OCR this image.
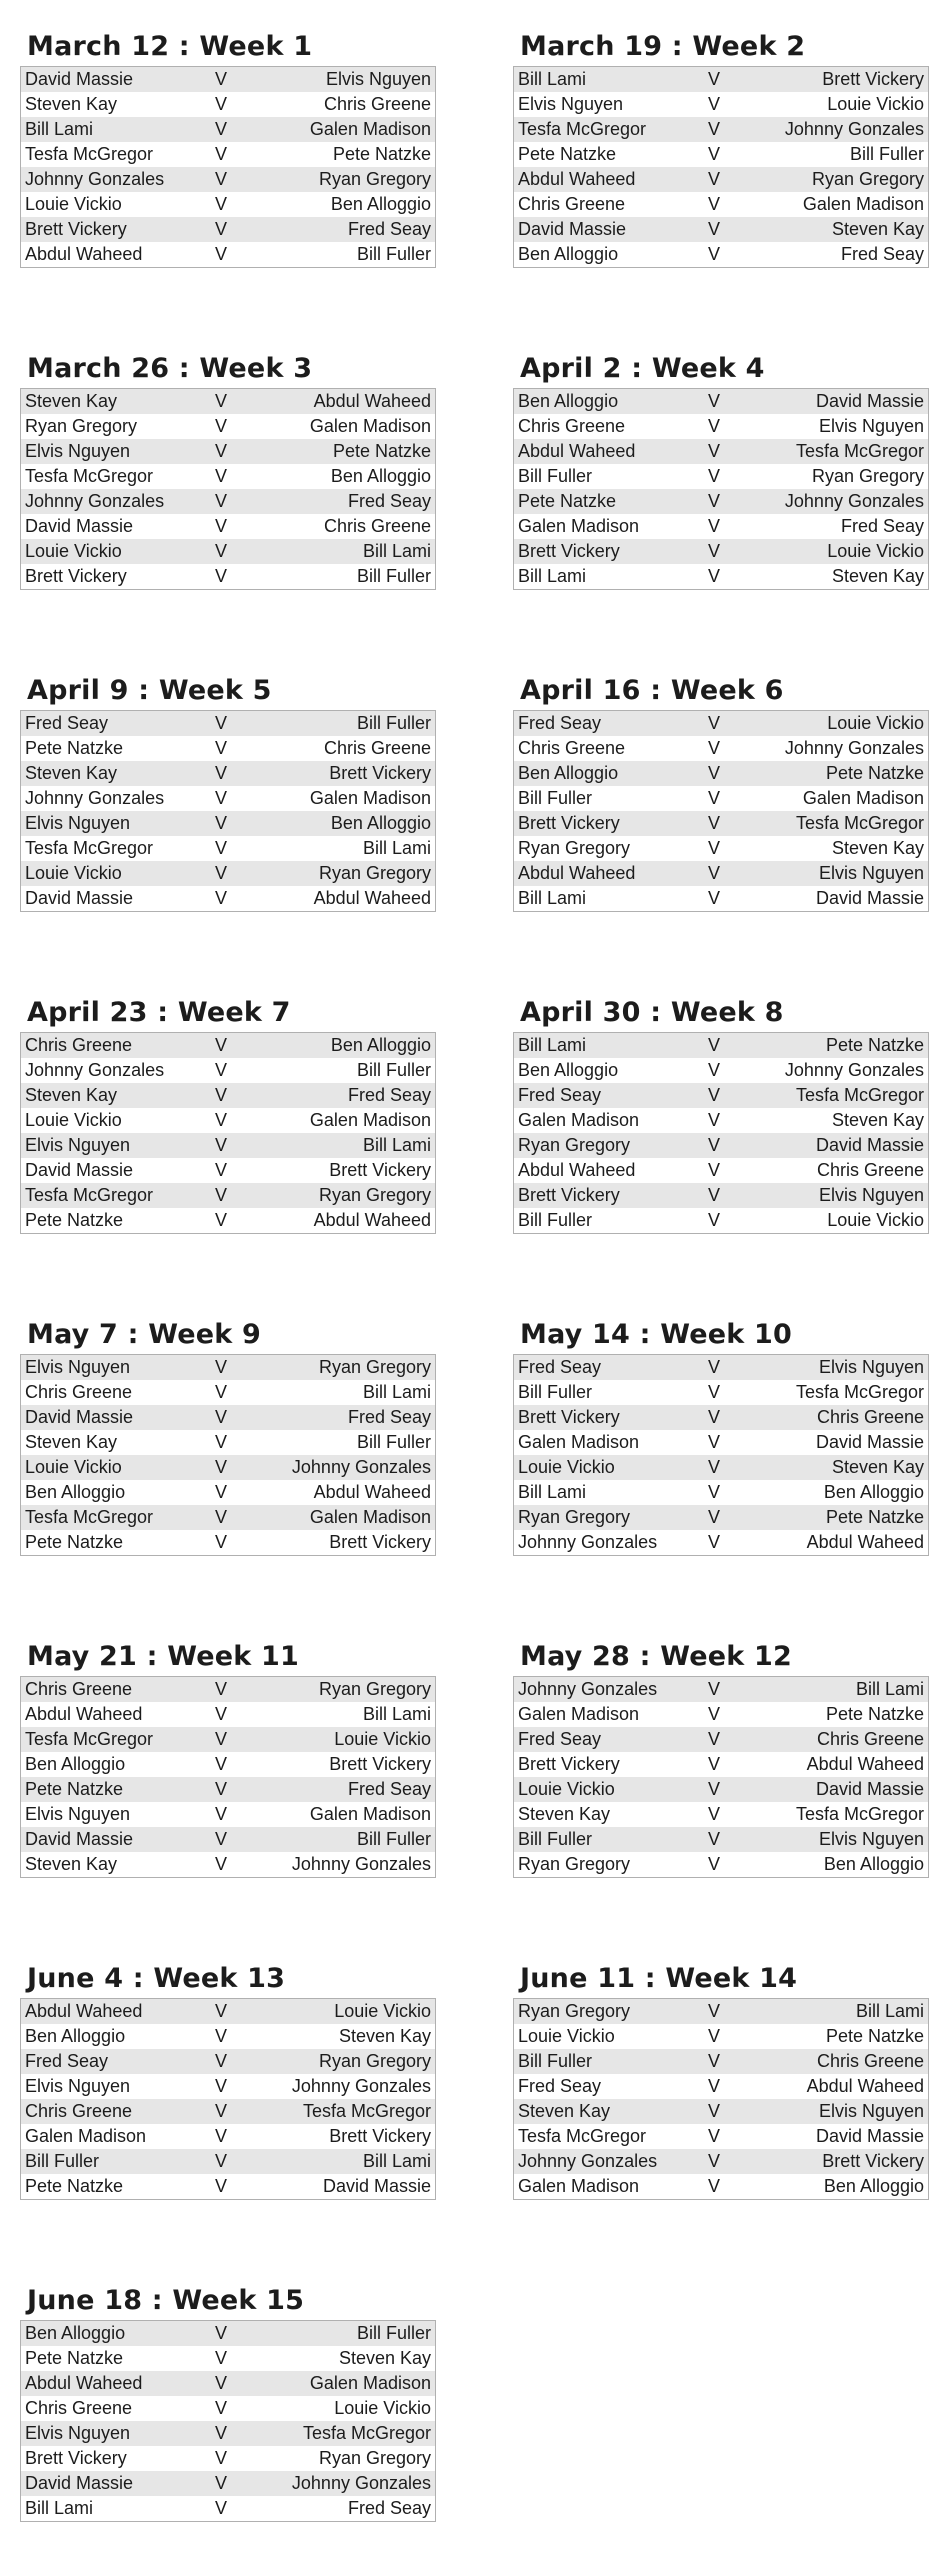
March 12 : Week 1
David Massie	V	Elvis Nguyen
Steven Kay	V	Chris Greene
Bill Lami	V	Galen Madison
Tesfa McGregor	V	Pete Natzke
Johnny Gonzales	V	Ryan Gregory
Louie Vickio	V	Ben Alloggio
Brett Vickery	V	Fred Seay
Abdul Waheed	V	Bill Fuller
March 19 : Week 2
Bill Lami	V	Brett Vickery
Elvis Nguyen	V	Louie Vickio
Tesfa McGregor	V	Johnny Gonzales
Pete Natzke	V	Bill Fuller
Abdul Waheed	V	Ryan Gregory
Chris Greene	V	Galen Madison
David Massie	V	Steven Kay
Ben Alloggio	V	Fred Seay
March 26 : Week 3
Steven Kay	V	Abdul Waheed
Ryan Gregory	V	Galen Madison
Elvis Nguyen	V	Pete Natzke
Tesfa McGregor	V	Ben Alloggio
Johnny Gonzales	V	Fred Seay
David Massie	V	Chris Greene
Louie Vickio	V	Bill Lami
Brett Vickery	V	Bill Fuller
April 2 : Week 4
Ben Alloggio	V	David Massie
Chris Greene	V	Elvis Nguyen
Abdul Waheed	V	Tesfa McGregor
Bill Fuller	V	Ryan Gregory
Pete Natzke	V	Johnny Gonzales
Galen Madison	V	Fred Seay
Brett Vickery	V	Louie Vickio
Bill Lami	V	Steven Kay
April 9 : Week 5
Fred Seay	V	Bill Fuller
Pete Natzke	V	Chris Greene
Steven Kay	V	Brett Vickery
Johnny Gonzales	V	Galen Madison
Elvis Nguyen	V	Ben Alloggio
Tesfa McGregor	V	Bill Lami
Louie Vickio	V	Ryan Gregory
David Massie	V	Abdul Waheed
April 16 : Week 6
Fred Seay	V	Louie Vickio
Chris Greene	V	Johnny Gonzales
Ben Alloggio	V	Pete Natzke
Bill Fuller	V	Galen Madison
Brett Vickery	V	Tesfa McGregor
Ryan Gregory	V	Steven Kay
Abdul Waheed	V	Elvis Nguyen
Bill Lami	V	David Massie
April 23 : Week 7
Chris Greene	V	Ben Alloggio
Johnny Gonzales	V	Bill Fuller
Steven Kay	V	Fred Seay
Louie Vickio	V	Galen Madison
Elvis Nguyen	V	Bill Lami
David Massie	V	Brett Vickery
Tesfa McGregor	V	Ryan Gregory
Pete Natzke	V	Abdul Waheed
April 30 : Week 8
Bill Lami	V	Pete Natzke
Ben Alloggio	V	Johnny Gonzales
Fred Seay	V	Tesfa McGregor
Galen Madison	V	Steven Kay
Ryan Gregory	V	David Massie
Abdul Waheed	V	Chris Greene
Brett Vickery	V	Elvis Nguyen
Bill Fuller	V	Louie Vickio
May 7 : Week 9
Elvis Nguyen	V	Ryan Gregory
Chris Greene	V	Bill Lami
David Massie	V	Fred Seay
Steven Kay	V	Bill Fuller
Louie Vickio	V	Johnny Gonzales
Ben Alloggio	V	Abdul Waheed
Tesfa McGregor	V	Galen Madison
Pete Natzke	V	Brett Vickery
May 14 : Week 10
Fred Seay	V	Elvis Nguyen
Bill Fuller	V	Tesfa McGregor
Brett Vickery	V	Chris Greene
Galen Madison	V	David Massie
Louie Vickio	V	Steven Kay
Bill Lami	V	Ben Alloggio
Ryan Gregory	V	Pete Natzke
Johnny Gonzales	V	Abdul Waheed
May 21 : Week 11
Chris Greene	V	Ryan Gregory
Abdul Waheed	V	Bill Lami
Tesfa McGregor	V	Louie Vickio
Ben Alloggio	V	Brett Vickery
Pete Natzke	V	Fred Seay
Elvis Nguyen	V	Galen Madison
David Massie	V	Bill Fuller
Steven Kay	V	Johnny Gonzales
May 28 : Week 12
Johnny Gonzales	V	Bill Lami
Galen Madison	V	Pete Natzke
Fred Seay	V	Chris Greene
Brett Vickery	V	Abdul Waheed
Louie Vickio	V	David Massie
Steven Kay	V	Tesfa McGregor
Bill Fuller	V	Elvis Nguyen
Ryan Gregory	V	Ben Alloggio
June 4 : Week 13
Abdul Waheed	V	Louie Vickio
Ben Alloggio	V	Steven Kay
Fred Seay	V	Ryan Gregory
Elvis Nguyen	V	Johnny Gonzales
Chris Greene	V	Tesfa McGregor
Galen Madison	V	Brett Vickery
Bill Fuller	V	Bill Lami
Pete Natzke	V	David Massie
June 11 : Week 14
Ryan Gregory	V	Bill Lami
Louie Vickio	V	Pete Natzke
Bill Fuller	V	Chris Greene
Fred Seay	V	Abdul Waheed
Steven Kay	V	Elvis Nguyen
Tesfa McGregor	V	David Massie
Johnny Gonzales	V	Brett Vickery
Galen Madison	V	Ben Alloggio
June 18 : Week 15
Ben Alloggio	V	Bill Fuller
Pete Natzke	V	Steven Kay
Abdul Waheed	V	Galen Madison
Chris Greene	V	Louie Vickio
Elvis Nguyen	V	Tesfa McGregor
Brett Vickery	V	Ryan Gregory
David Massie	V	Johnny Gonzales
Bill Lami	V	Fred Seay
